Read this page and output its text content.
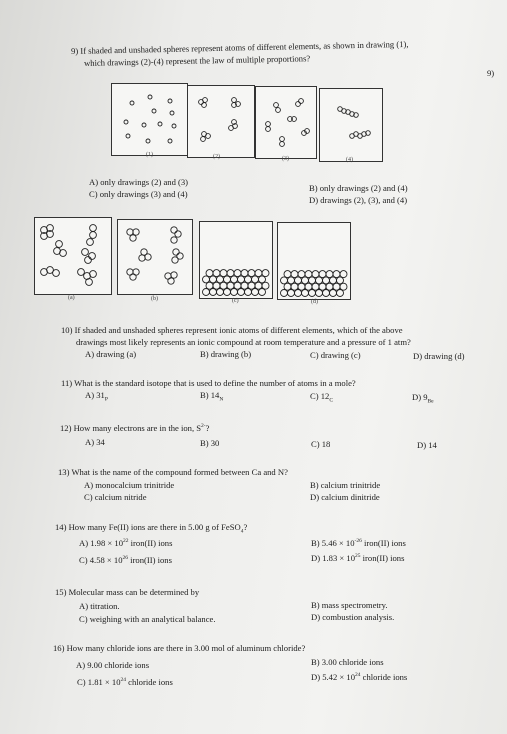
9)
9) If shaded and unshaded spheres represent atoms of different elements, as shown in drawing (1),
which drawings (2)-(4) represent the law of multiple proportions?
(1)	(2)	(3)	(4)
A) only drawings (2) and (3)
C) only drawings (3) and (4)
B) only drawings (2) and (4)
D) drawings (2), (3), and (4)
(a)	(b)	(c)	(d)
10) If shaded and unshaded spheres represent ionic atoms of different elements, which of the above
drawings most likely represents an ionic compound at room temperature and a pressure of 1 atm?
A) drawing (a)	B) drawing (b)	C) drawing (c)	D) drawing (d)
11) What is the standard isotope that is used to define the number of atoms in a mole?
A) $31_P$	B) $14_N$	C) $12_C$	D) $9_{Be}$
12) How many electrons are in the ion, $S^{2-}$?
A) 34	B) 30	C) 18	D) 14
13) What is the name of the compound formed between Ca and N?
A) monocalcium trinitride
C) calcium nitride
B) calcium trinitride
D) calcium dinitride
14) How many Fe(II) ions are there in 5.00 g of FeSO$_4$?
A) $1.98 \times 10^{22}$ iron(II) ions
C) $4.58 \times 10^{26}$ iron(II) ions
B) $5.46 \times 10^{-26}$ iron(II) ions
D) $1.83 \times 10^{25}$ iron(II) ions
15) Molecular mass can be determined by
A) titration.
C) weighing with an analytical balance.
B) mass spectrometry.
D) combustion analysis.
16) How many chloride ions are there in 3.00 mol of aluminum chloride?
A) 9.00 chloride ions
C) $1.81 \times 10^{24}$ chloride ions
B) 3.00 chloride ions
D) $5.42 \times 10^{24}$ chloride ions
